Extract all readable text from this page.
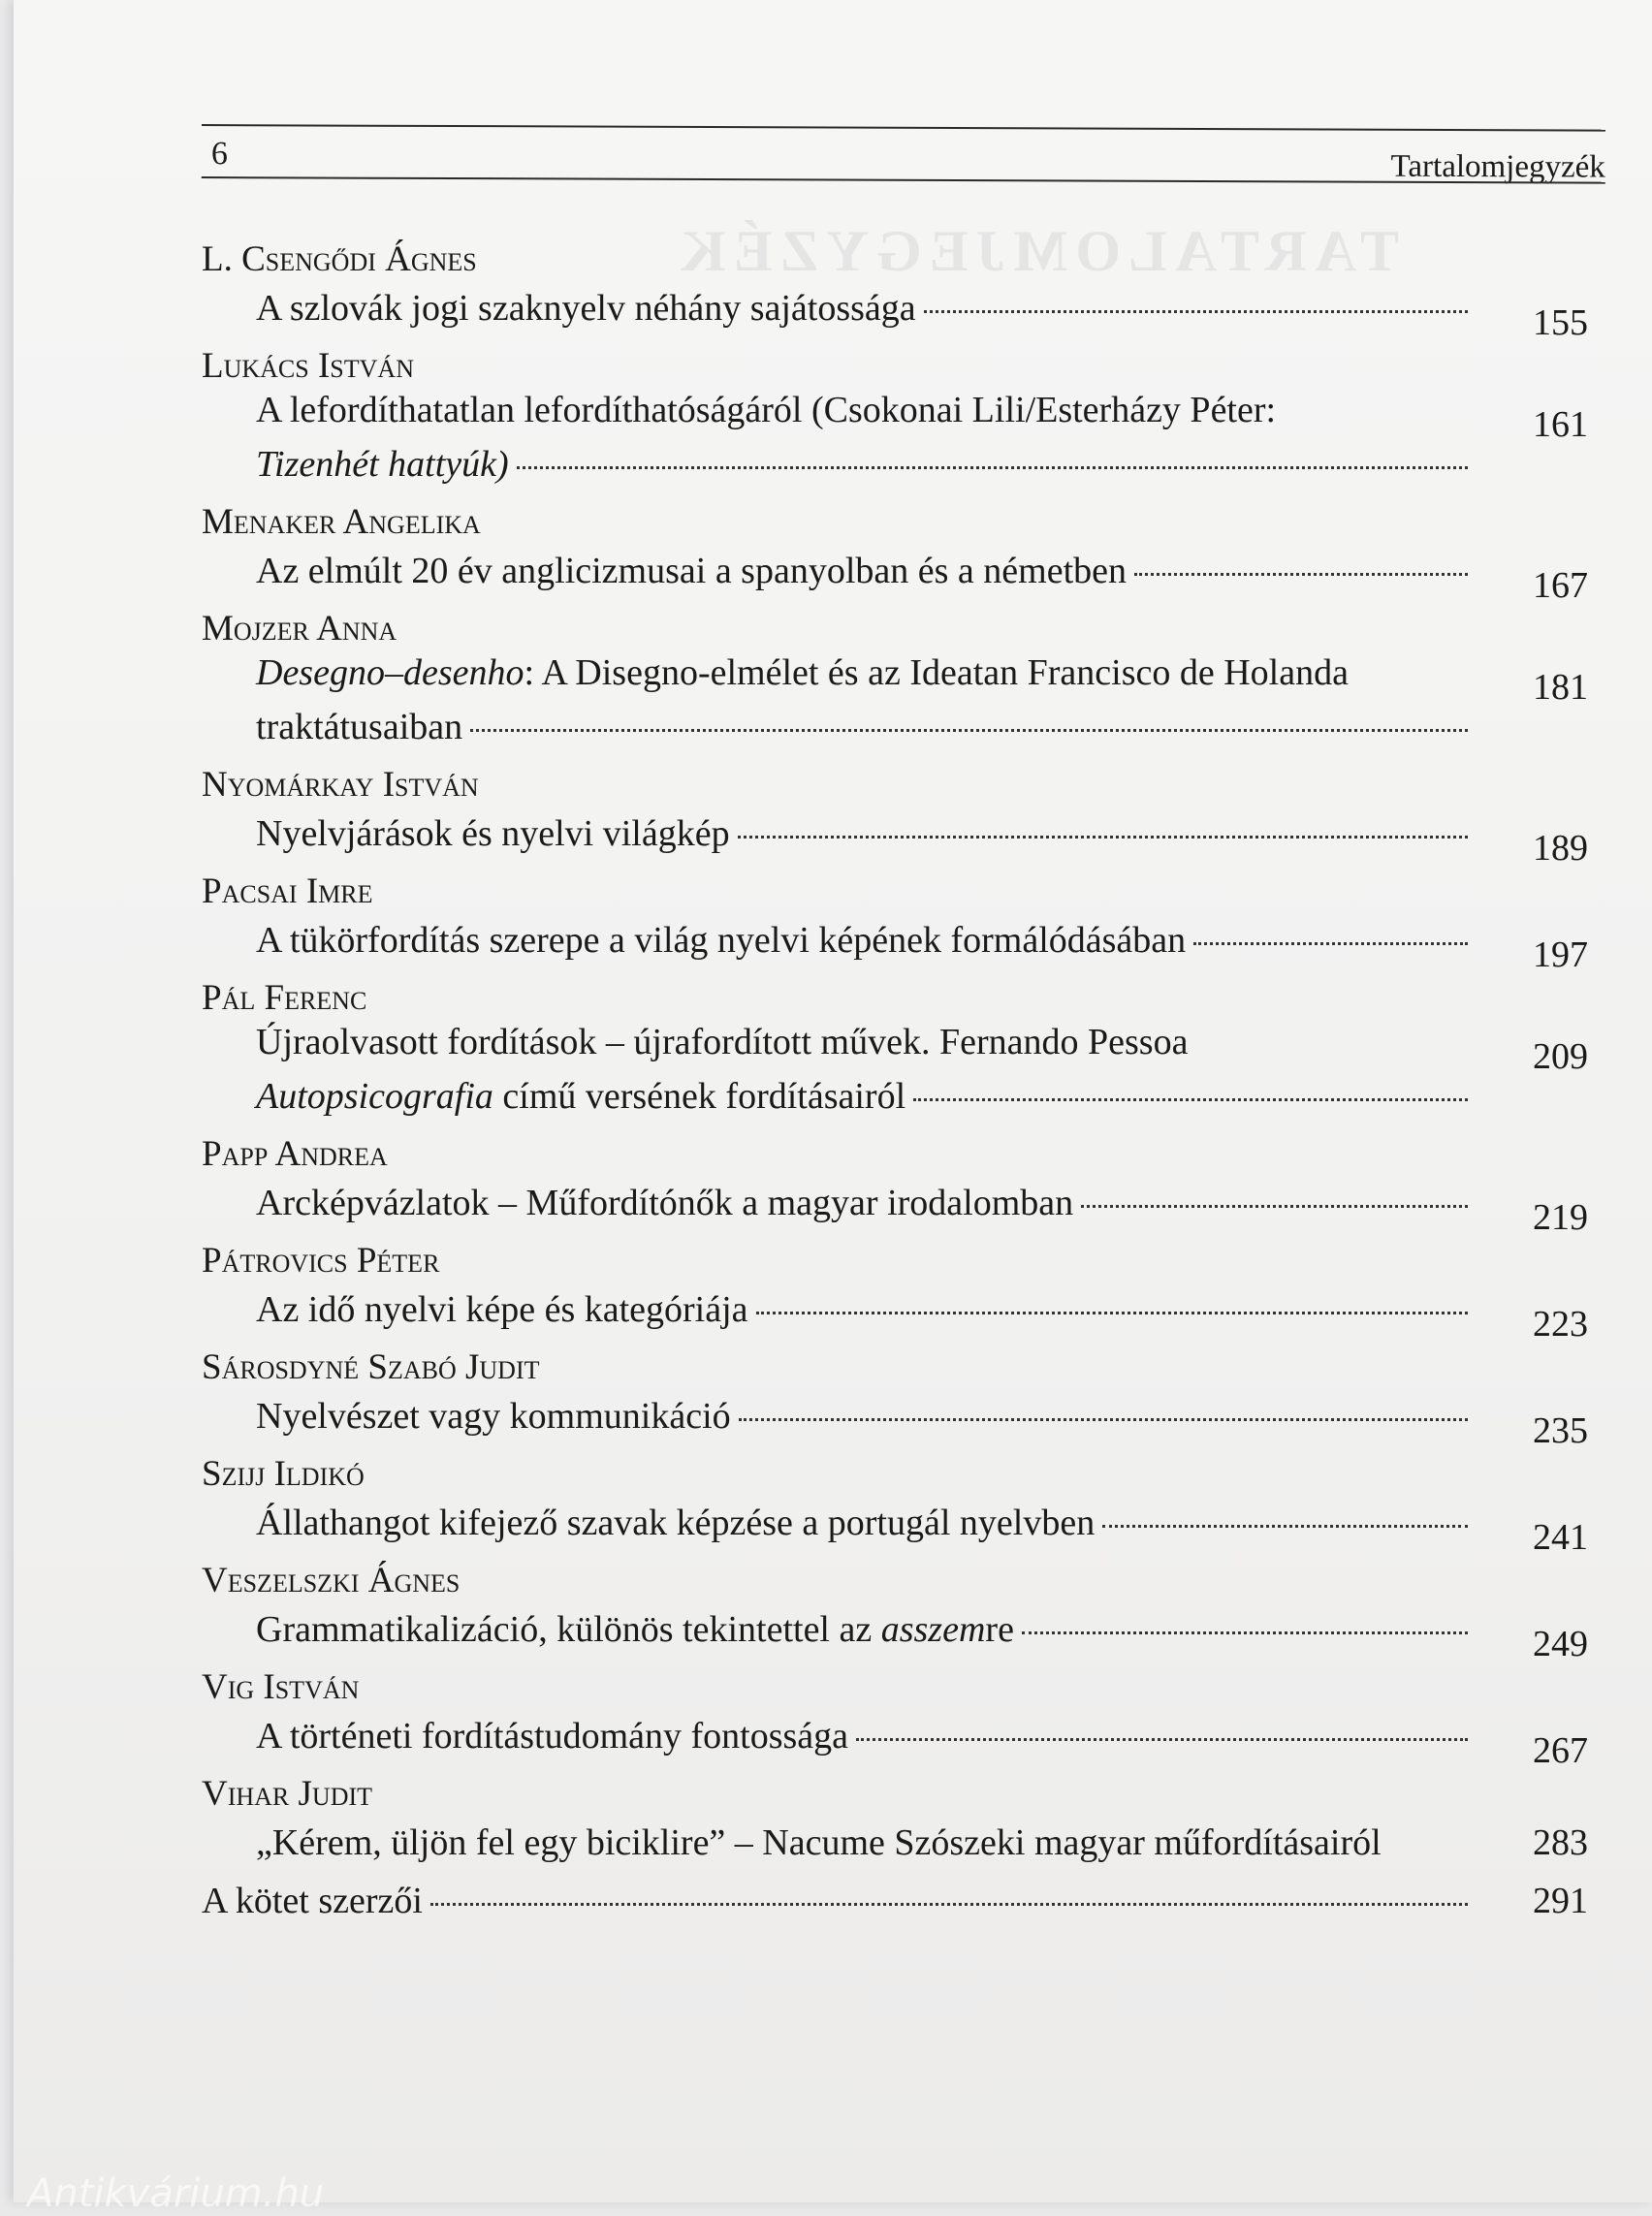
TARTALOMJEGYZÉK
6	Tartalomjegyzék
L. Csengődi Ágnes
A szlovák jogi szaknyelv néhány sajátossága	155
Lukács István
A lefordíthatatlan lefordíthatóságáról (Csokonai Lili/Esterházy Péter:	161
Tizenhét hattyúk)
Menaker Angelika
Az elmúlt 20 év anglicizmusai a spanyolban és a németben	167
Mojzer Anna
Desegno–desenho: A Disegno-elmélet és az Ideatan Francisco de Holanda	181
traktátusaiban
Nyomárkay István
Nyelvjárások és nyelvi világkép	189
Pacsai Imre
A tükörfordítás szerepe a világ nyelvi képének formálódásában	197
Pál Ferenc
Újraolvasott fordítások – újrafordított művek. Fernando Pessoa	209
Autopsicografia című versének fordításairól
Papp Andrea
Arcképvázlatok – Műfordítónők a magyar irodalomban	219
Pátrovics Péter
Az idő nyelvi képe és kategóriája	223
Sárosdyné Szabó Judit
Nyelvészet vagy kommunikáció	235
Szijj Ildikó
Állathangot kifejező szavak képzése a portugál nyelvben	241
Veszelszki Ágnes
Grammatikalizáció, különös tekintettel az asszemre	249
Vig István
A történeti fordítástudomány fontossága	267
Vihar Judit
„Kérem, üljön fel egy biciklire” – Nacume Szószeki magyar műfordításairól	283
A kötet szerzői	291
Antikvárium.hu
